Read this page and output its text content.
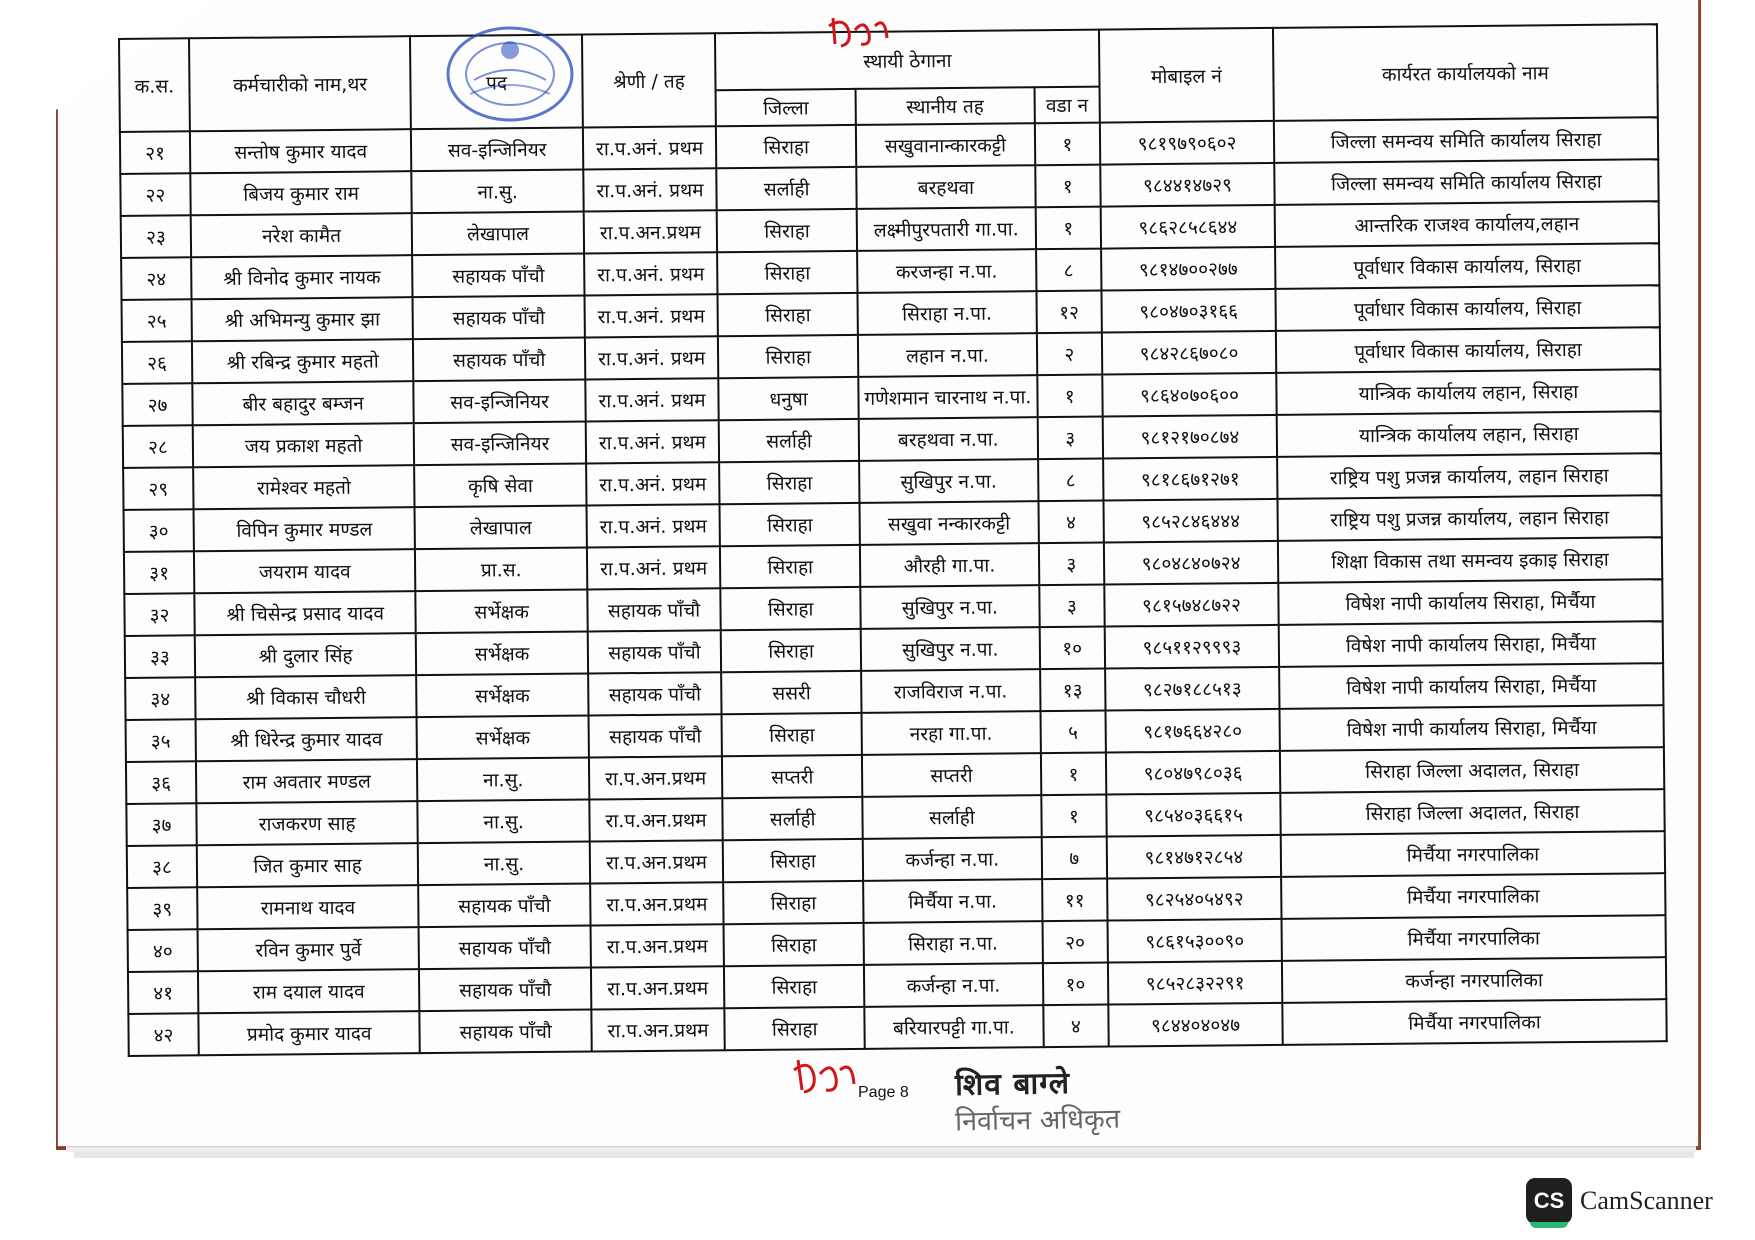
क.स.	कर्मचारीको नाम,थर	पद	श्रेणी / तह	स्थायी ठेगाना			मोबाइल नं	कार्यरत कार्यालयको नाम
				जिल्ला	स्थानीय तह	वडा न		
२१	सन्तोष कुमार यादव	सव-इन्जिनियर	रा.प.अनं. प्रथम	सिराहा	सखुवानान्कारकट्टी	१	९८१९७९०६०२	जिल्ला समन्वय समिति कार्यालय सिराहा
२२	बिजय कुमार राम	ना.सु.	रा.प.अनं. प्रथम	सर्लाही	बरहथवा	१	९८४४१४७२९	जिल्ला समन्वय समिति कार्यालय सिराहा
२३	नरेश कामैत	लेखापाल	रा.प.अन.प्रथम	सिराहा	लक्ष्मीपुरपतारी गा.पा.	१	९८६२८५८६४४	आन्तरिक राजश्व कार्यालय,लहान
२४	श्री विनोद कुमार नायक	सहायक पाँचौ	रा.प.अनं. प्रथम	सिराहा	करजन्हा न.पा.	८	९८१४७००२७७	पूर्वाधार विकास कार्यालय, सिराहा
२५	श्री अभिमन्यु कुमार झा	सहायक पाँचौ	रा.प.अनं. प्रथम	सिराहा	सिराहा न.पा.	१२	९८०४७०३१६६	पूर्वाधार विकास कार्यालय, सिराहा
२६	श्री रबिन्द्र कुमार महतो	सहायक पाँचौ	रा.प.अनं. प्रथम	सिराहा	लहान न.पा.	२	९८४२८६७०८०	पूर्वाधार विकास कार्यालय, सिराहा
२७	बीर बहादुर बम्जन	सव-इन्जिनियर	रा.प.अनं. प्रथम	धनुषा	गणेशमान चारनाथ न.पा.	१	९८६४०७०६००	यान्त्रिक कार्यालय लहान, सिराहा
२८	जय प्रकाश महतो	सव-इन्जिनियर	रा.प.अनं. प्रथम	सर्लाही	बरहथवा न.पा.	३	९८१२१७०८७४	यान्त्रिक कार्यालय लहान, सिराहा
२९	रामेश्वर महतो	कृषि सेवा	रा.प.अनं. प्रथम	सिराहा	सुखिपुर न.पा.	८	९८१८६७१२७१	राष्ट्रिय पशु प्रजन्न कार्यालय, लहान सिराहा
३०	विपिन कुमार मण्डल	लेखापाल	रा.प.अनं. प्रथम	सिराहा	सखुवा नन्कारकट्टी	४	९८५२८४६४४४	राष्ट्रिय पशु प्रजन्न कार्यालय, लहान सिराहा
३१	जयराम यादव	प्रा.स.	रा.प.अनं. प्रथम	सिराहा	औरही गा.पा.	३	९८०४८४०७२४	शिक्षा विकास तथा समन्वय इकाइ सिराहा
३२	श्री चिसेन्द्र प्रसाद यादव	सर्भेक्षक	सहायक पाँचौ	सिराहा	सुखिपुर न.पा.	३	९८१५७४८७२२	विषेश नापी कार्यालय सिराहा, मिर्चैया
३३	श्री दुलार सिंह	सर्भेक्षक	सहायक पाँचौ	सिराहा	सुखिपुर न.पा.	१०	९८५११२९९९३	विषेश नापी कार्यालय सिराहा, मिर्चैया
३४	श्री विकास चौधरी	सर्भेक्षक	सहायक पाँचौ	ससरी	राजविराज न.पा.	१३	९८२७१८८५१३	विषेश नापी कार्यालय सिराहा, मिर्चैया
३५	श्री धिरेन्द्र कुमार यादव	सर्भेक्षक	सहायक पाँचौ	सिराहा	नरहा गा.पा.	५	९८१७६६४२८०	विषेश नापी कार्यालय सिराहा, मिर्चैया
३६	राम अवतार मण्डल	ना.सु.	रा.प.अन.प्रथम	सप्तरी	सप्तरी	१	९८०४७९८०३६	सिराहा जिल्ला अदालत, सिराहा
३७	राजकरण साह	ना.सु.	रा.प.अन.प्रथम	सर्लाही	सर्लाही	१	९८५४०३६६१५	सिराहा जिल्ला अदालत, सिराहा
३८	जित कुमार साह	ना.सु.	रा.प.अन.प्रथम	सिराहा	कर्जन्हा न.पा.	७	९८१४७१२८५४	मिर्चैया नगरपालिका
३९	रामनाथ यादव	सहायक पाँचौ	रा.प.अन.प्रथम	सिराहा	मिर्चैया न.पा.	११	९८२५४०५४९२	मिर्चैया नगरपालिका
४०	रविन कुमार पुर्वे	सहायक पाँचौ	रा.प.अन.प्रथम	सिराहा	सिराहा न.पा.	२०	९८६१५३००९०	मिर्चैया नगरपालिका
४१	राम दयाल यादव	सहायक पाँचौ	रा.प.अन.प्रथम	सिराहा	कर्जन्हा न.पा.	१०	९८५२८३२२९१	कर्जन्हा नगरपालिका
४२	प्रमोद कुमार यादव	सहायक पाँचौ	रा.प.अन.प्रथम	सिराहा	बरियारपट्टी गा.पा.	४	९८४४०४०४७	मिर्चैया नगरपालिका
Page 8 शिव बाग्ले
निर्वाचन अधिकृत
CS CamScanner
